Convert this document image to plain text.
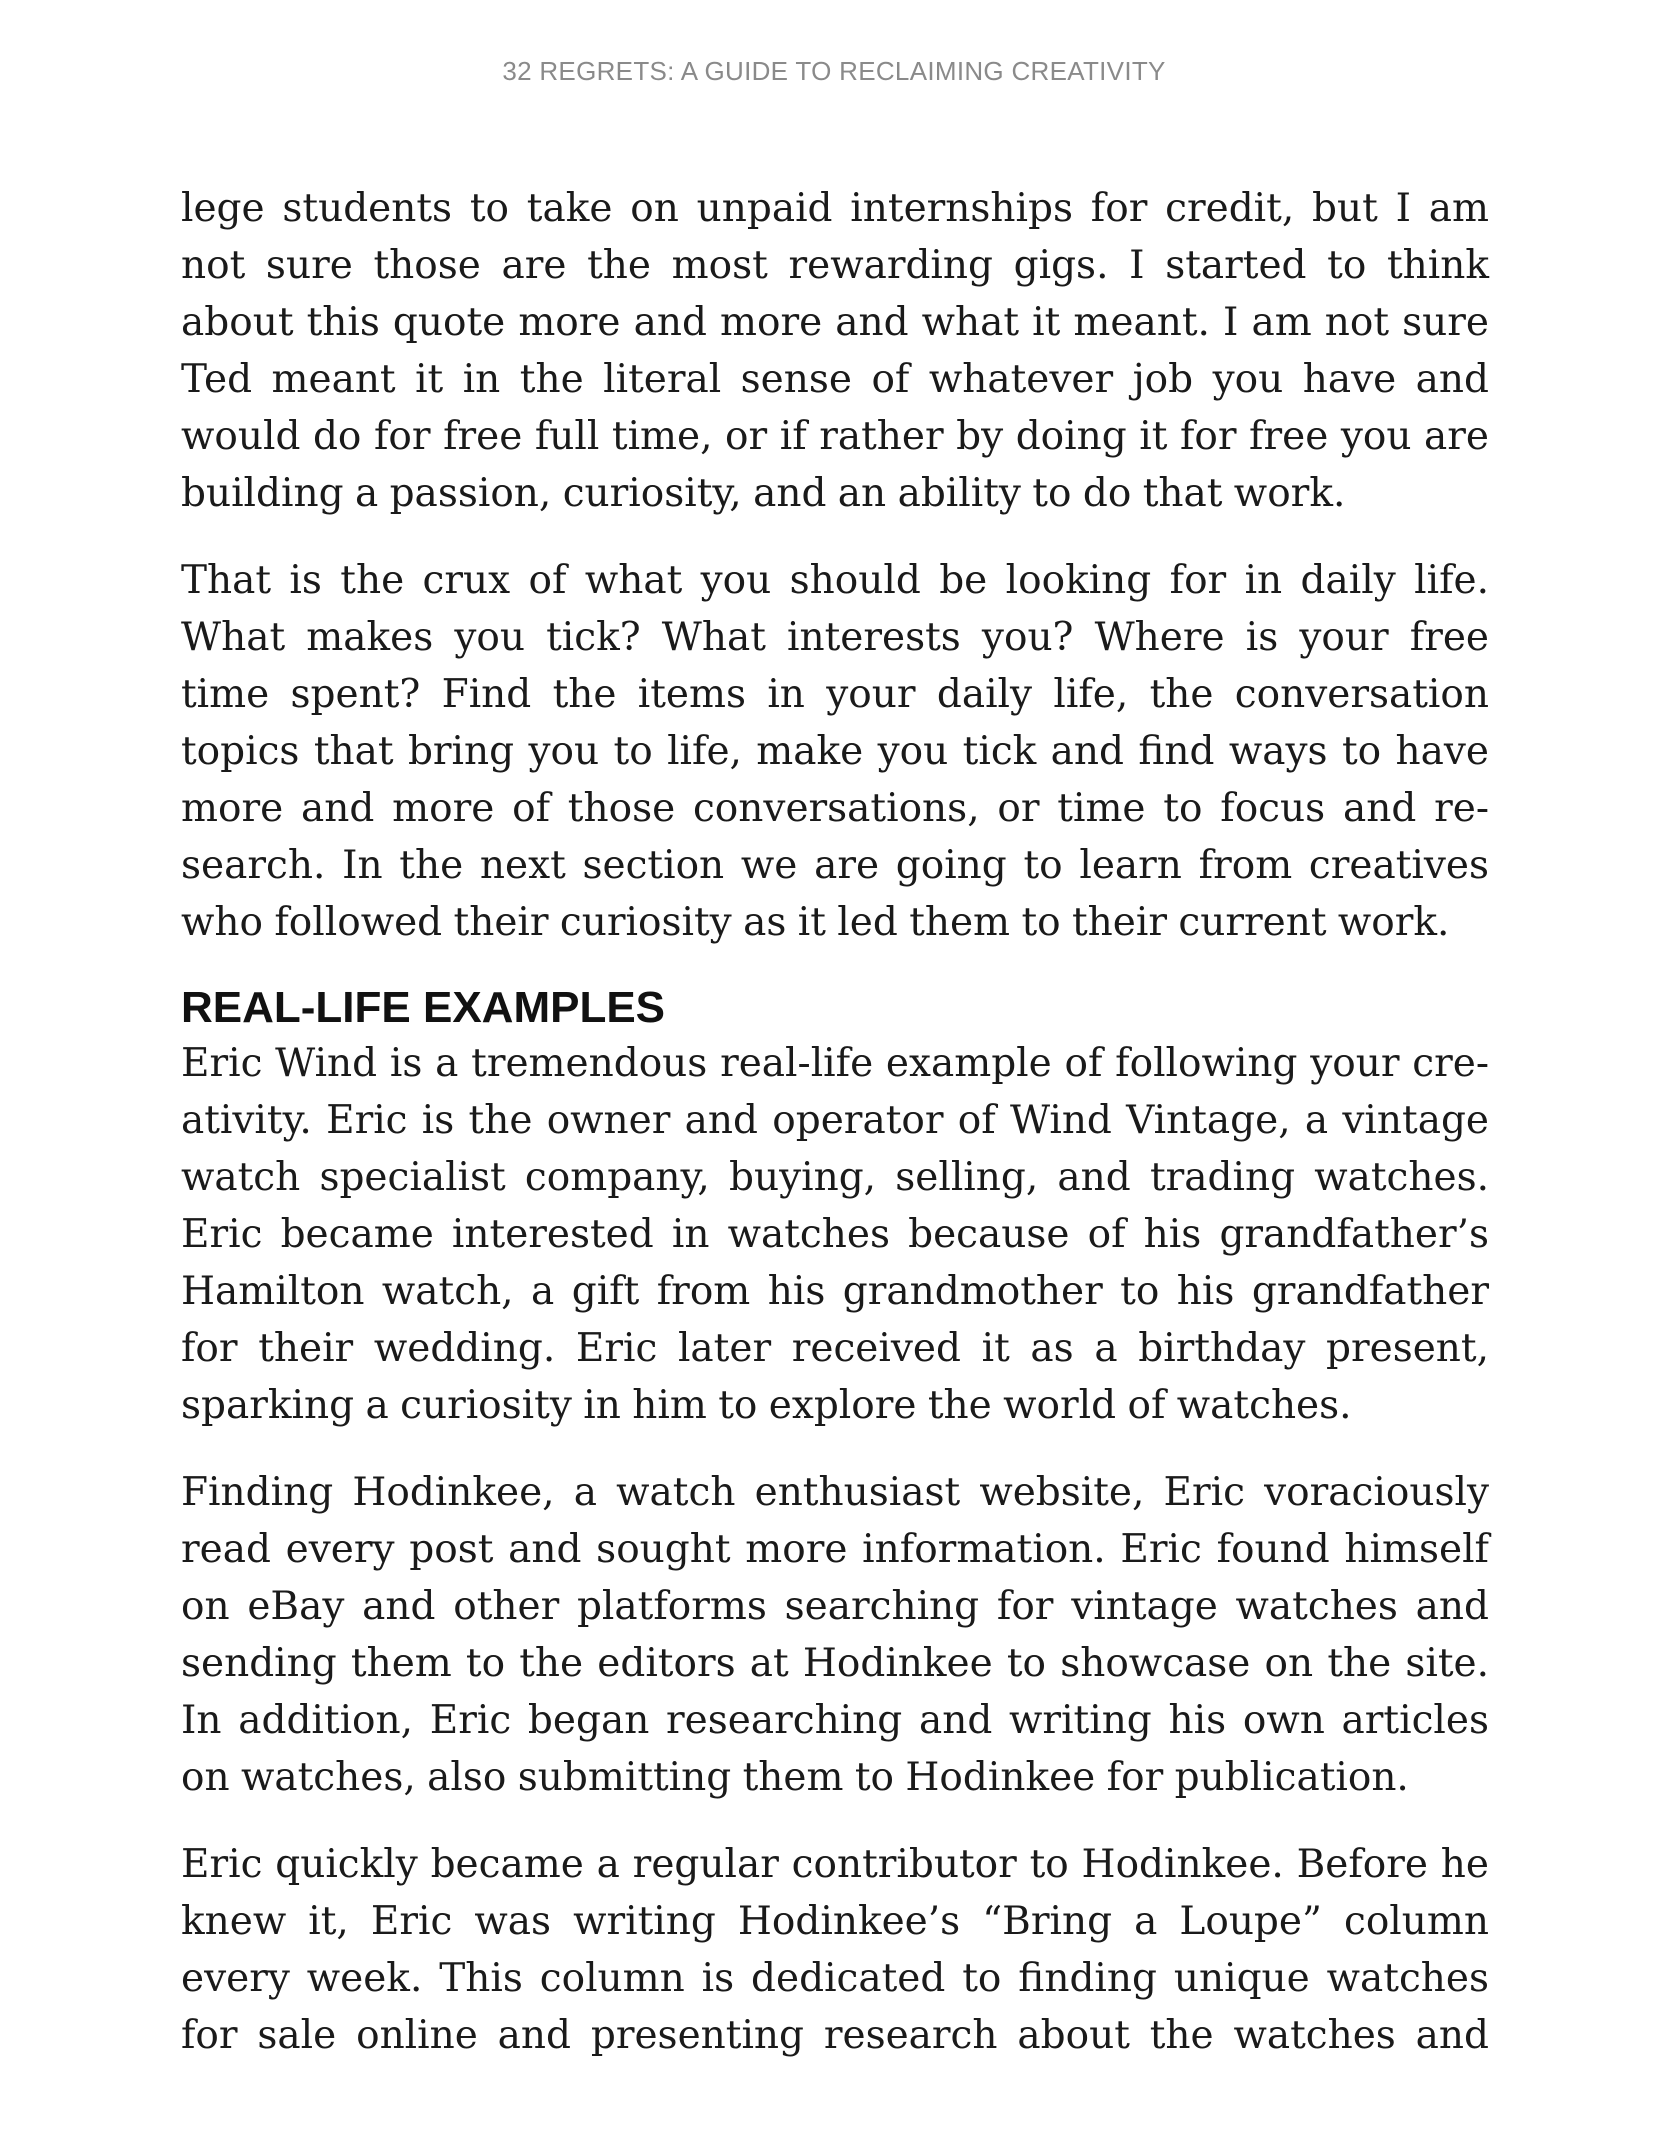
32 REGRETS: A GUIDE TO RECLAIMING CREATIVITY

lege students to take on unpaid internships for credit, but I am not sure those are the most rewarding gigs. I started to think about this quote more and more and what it meant. I am not sure Ted meant it in the literal sense of whatever job you have and would do for free full time, or if rather by doing it for free you are building a passion, curiosity, and an ability to do that work.

That is the crux of what you should be looking for in daily life. What makes you tick? What interests you? Where is your free time spent? Find the items in your daily life, the conversation topics that bring you to life, make you tick and find ways to have more and more of those conversations, or time to focus and research. In the next section we are going to learn from creatives who followed their curiosity as it led them to their current work.

REAL-LIFE EXAMPLES

Eric Wind is a tremendous real-life example of following your creativity. Eric is the owner and operator of Wind Vintage, a vintage watch specialist company, buying, selling, and trading watches. Eric became interested in watches because of his grandfather’s Hamilton watch, a gift from his grandmother to his grandfather for their wedding. Eric later received it as a birthday present, sparking a curiosity in him to explore the world of watches.

Finding Hodinkee, a watch enthusiast website, Eric voraciously read every post and sought more information. Eric found himself on eBay and other platforms searching for vintage watches and sending them to the editors at Hodinkee to showcase on the site. In addition, Eric began researching and writing his own articles on watches, also submitting them to Hodinkee for publication.

Eric quickly became a regular contributor to Hodinkee. Before he knew it, Eric was writing Hodinkee’s “Bring a Loupe” column every week. This column is dedicated to finding unique watches for sale online and presenting research about the watches and
